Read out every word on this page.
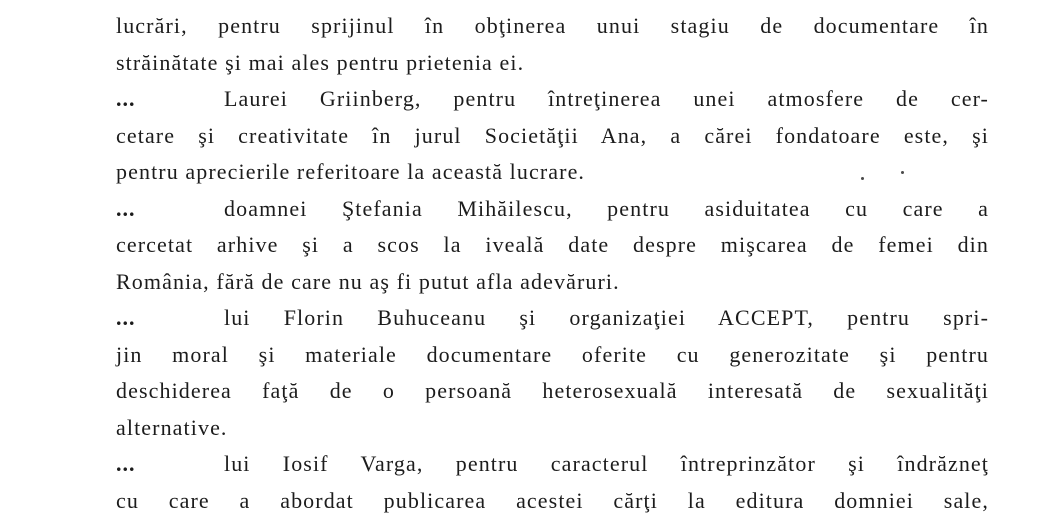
lucrări, pentru sprijinul în obţinerea unui stagiu de documentare în
străinătate şi mai ales pentru prietenia ei.
...	Laurei Griinberg, pentru întreţinerea unei atmosfere de cer-
cetare şi creativitate în jurul Societăţii Ana, a cărei fondatoare este, şi
pentru aprecierile referitoare la această lucrare.
...	doamnei Ştefania Mihăilescu, pentru asiduitatea cu care a
cercetat arhive şi a scos la iveală date despre mişcarea de femei din
România, fără de care nu aş fi putut afla adevăruri.
...	lui Florin Buhuceanu şi organizaţiei ACCEPT, pentru spri-
jin moral şi materiale documentare oferite cu generozitate şi pentru
deschiderea faţă de o persoană heterosexuală interesată de sexualităţi
alternative.
...	lui Iosif Varga, pentru caracterul întreprinzător şi îndrăzneţ
cu care a abordat publicarea acestei cărţi la editura domniei sale,
